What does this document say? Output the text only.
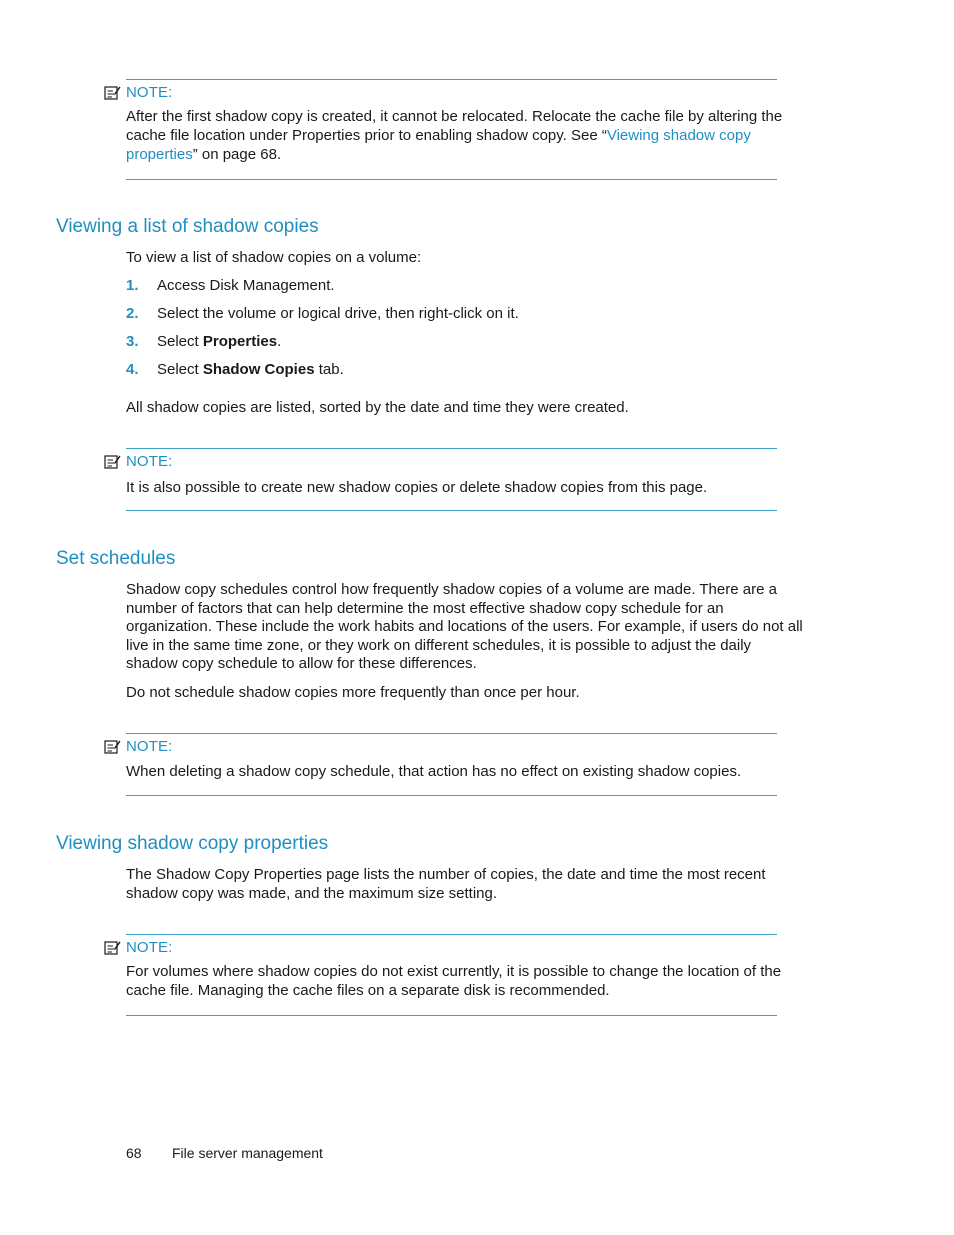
NOTE:

After the first shadow copy is created, it cannot be relocated. Relocate the cache file by altering the cache file location under Properties prior to enabling shadow copy. See “Viewing shadow copy properties” on page 68.

Viewing a list of shadow copies

To view a list of shadow copies on a volume:

1. Access Disk Management.
2. Select the volume or logical drive, then right-click on it.
3. Select Properties.
4. Select Shadow Copies tab.

All shadow copies are listed, sorted by the date and time they were created.

NOTE:

It is also possible to create new shadow copies or delete shadow copies from this page.

Set schedules

Shadow copy schedules control how frequently shadow copies of a volume are made. There are a number of factors that can help determine the most effective shadow copy schedule for an organization. These include the work habits and locations of the users. For example, if users do not all live in the same time zone, or they work on different schedules, it is possible to adjust the daily shadow copy schedule to allow for these differences.

Do not schedule shadow copies more frequently than once per hour.

NOTE:

When deleting a shadow copy schedule, that action has no effect on existing shadow copies.

Viewing shadow copy properties

The Shadow Copy Properties page lists the number of copies, the date and time the most recent shadow copy was made, and the maximum size setting.

NOTE:

For volumes where shadow copies do not exist currently, it is possible to change the location of the cache file. Managing the cache files on a separate disk is recommended.

68 File server management
